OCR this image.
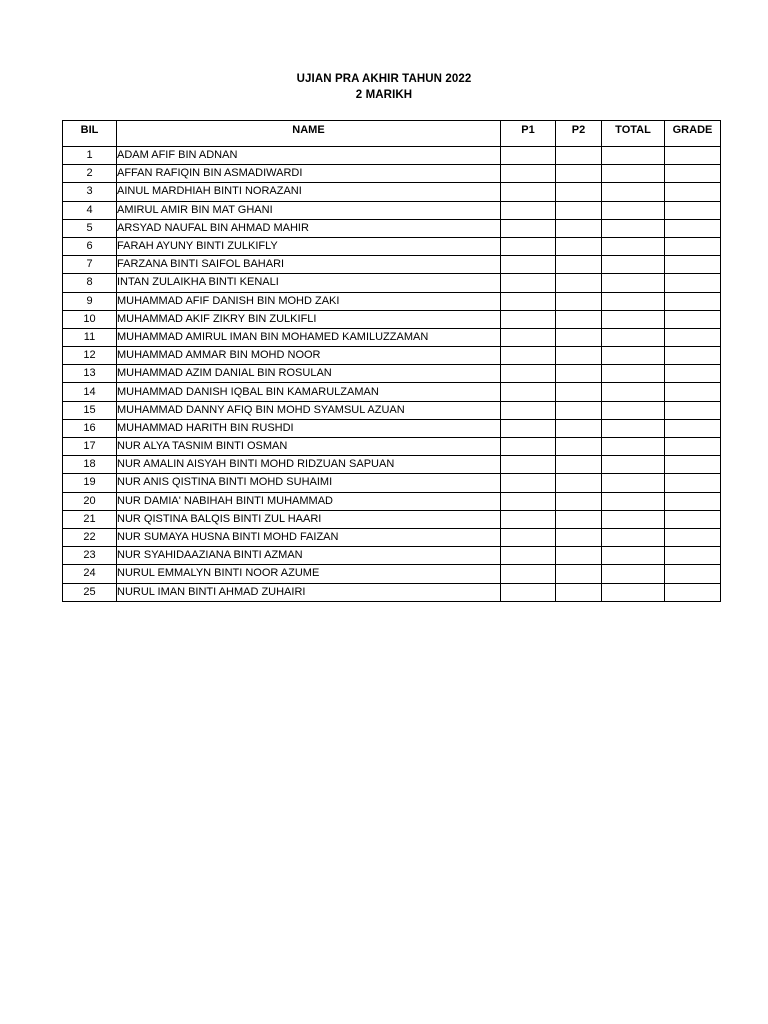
UJIAN PRA AKHIR TAHUN 2022
2 MARIKH
BIL	NAME	P1	P2	TOTAL	GRADE
1	ADAM AFIF BIN ADNAN				
2	AFFAN RAFIQIN BIN ASMADIWARDI				
3	AINUL MARDHIAH BINTI NORAZANI				
4	AMIRUL AMIR BIN MAT GHANI				
5	ARSYAD NAUFAL BIN AHMAD MAHIR				
6	FARAH AYUNY BINTI ZULKIFLY				
7	FARZANA BINTI SAIFOL BAHARI				
8	INTAN ZULAIKHA BINTI KENALI				
9	MUHAMMAD AFIF DANISH BIN MOHD ZAKI				
10	MUHAMMAD AKIF ZIKRY BIN ZULKIFLI				
11	MUHAMMAD AMIRUL IMAN BIN MOHAMED KAMILUZZAMAN				
12	MUHAMMAD AMMAR BIN MOHD NOOR				
13	MUHAMMAD AZIM DANIAL BIN ROSULAN				
14	MUHAMMAD DANISH IQBAL BIN KAMARULZAMAN				
15	MUHAMMAD DANNY AFIQ BIN MOHD SYAMSUL AZUAN				
16	MUHAMMAD HARITH BIN RUSHDI				
17	NUR ALYA TASNIM BINTI OSMAN				
18	NUR AMALIN AISYAH BINTI MOHD RIDZUAN SAPUAN				
19	NUR ANIS QISTINA BINTI MOHD SUHAIMI				
20	NUR DAMIA' NABIHAH BINTI MUHAMMAD				
21	NUR QISTINA BALQIS BINTI ZUL HAARI				
22	NUR SUMAYA HUSNA BINTI MOHD FAIZAN				
23	NUR SYAHIDAAZIANA BINTI AZMAN				
24	NURUL EMMALYN BINTI NOOR AZUME				
25	NURUL IMAN BINTI AHMAD ZUHAIRI				
